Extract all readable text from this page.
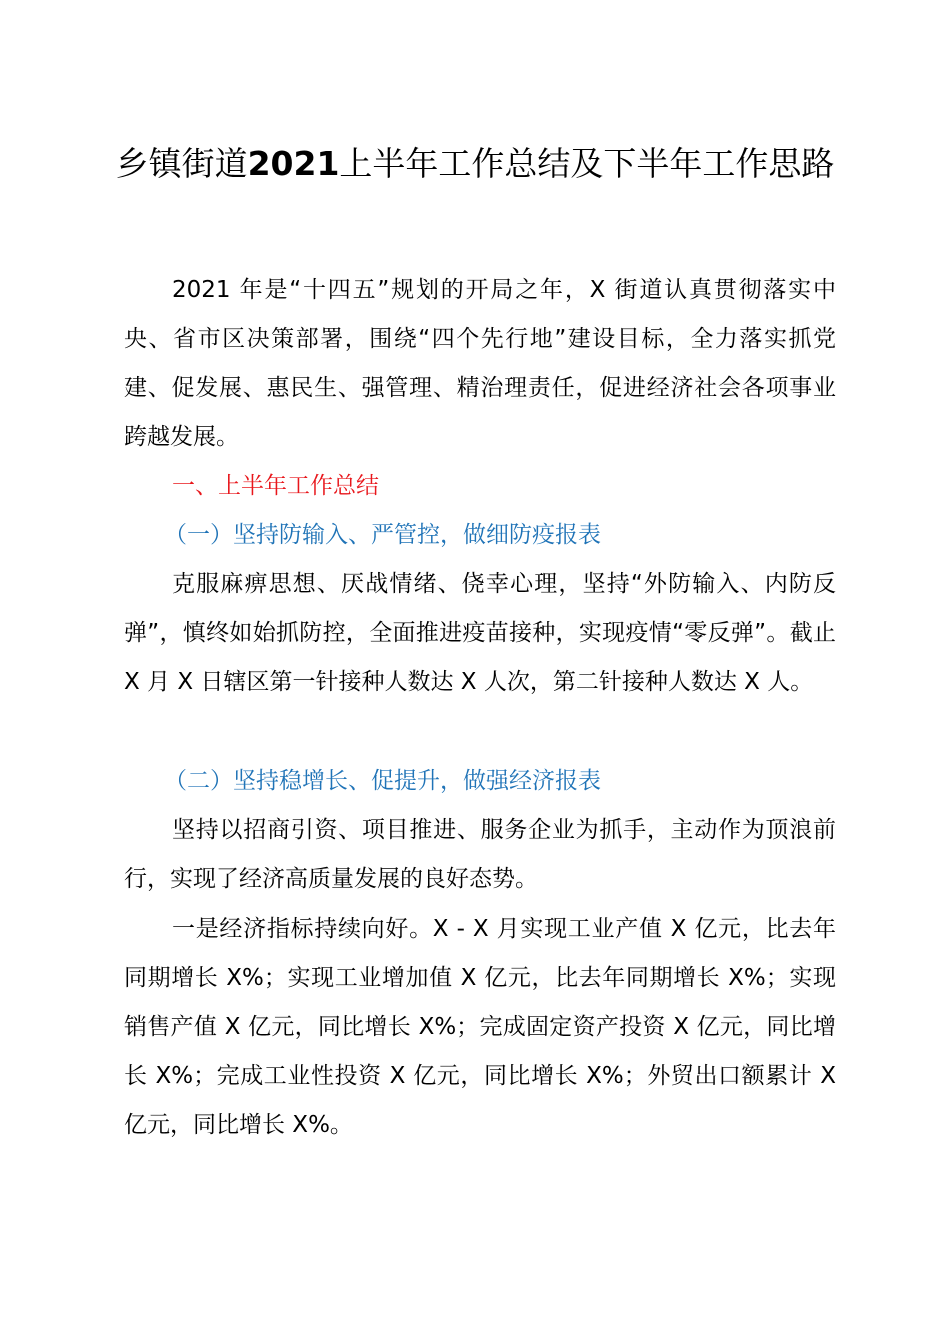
乡镇街道2021上半年工作总结及下半年工作思路

2021 年是“十四五”规划的开局之年，X 街道认真贯彻落实中央、省市区决策部署，围绕“四个先行地”建设目标，全力落实抓党建、促发展、惠民生、强管理、精治理责任，促进经济社会各项事业跨越发展。

一、上半年工作总结

（一）坚持防输入、严管控，做细防疫报表

克服麻痹思想、厌战情绪、侥幸心理，坚持“外防输入、内防反弹”，慎终如始抓防控，全面推进疫苗接种，实现疫情“零反弹”。截止 X 月 X 日辖区第一针接种人数达 X 人次，第二针接种人数达 X 人。

（二）坚持稳增长、促提升，做强经济报表

坚持以招商引资、项目推进、服务企业为抓手，主动作为顶浪前行，实现了经济高质量发展的良好态势。

一是经济指标持续向好。X - X 月实现工业产值 X 亿元，比去年同期增长 X%；实现工业增加值 X 亿元，比去年同期增长 X%；实现销售产值 X 亿元，同比增长 X%；完成固定资产投资 X 亿元，同比增长 X%；完成工业性投资 X 亿元，同比增长 X%；外贸出口额累计 X 亿元，同比增长 X%。
